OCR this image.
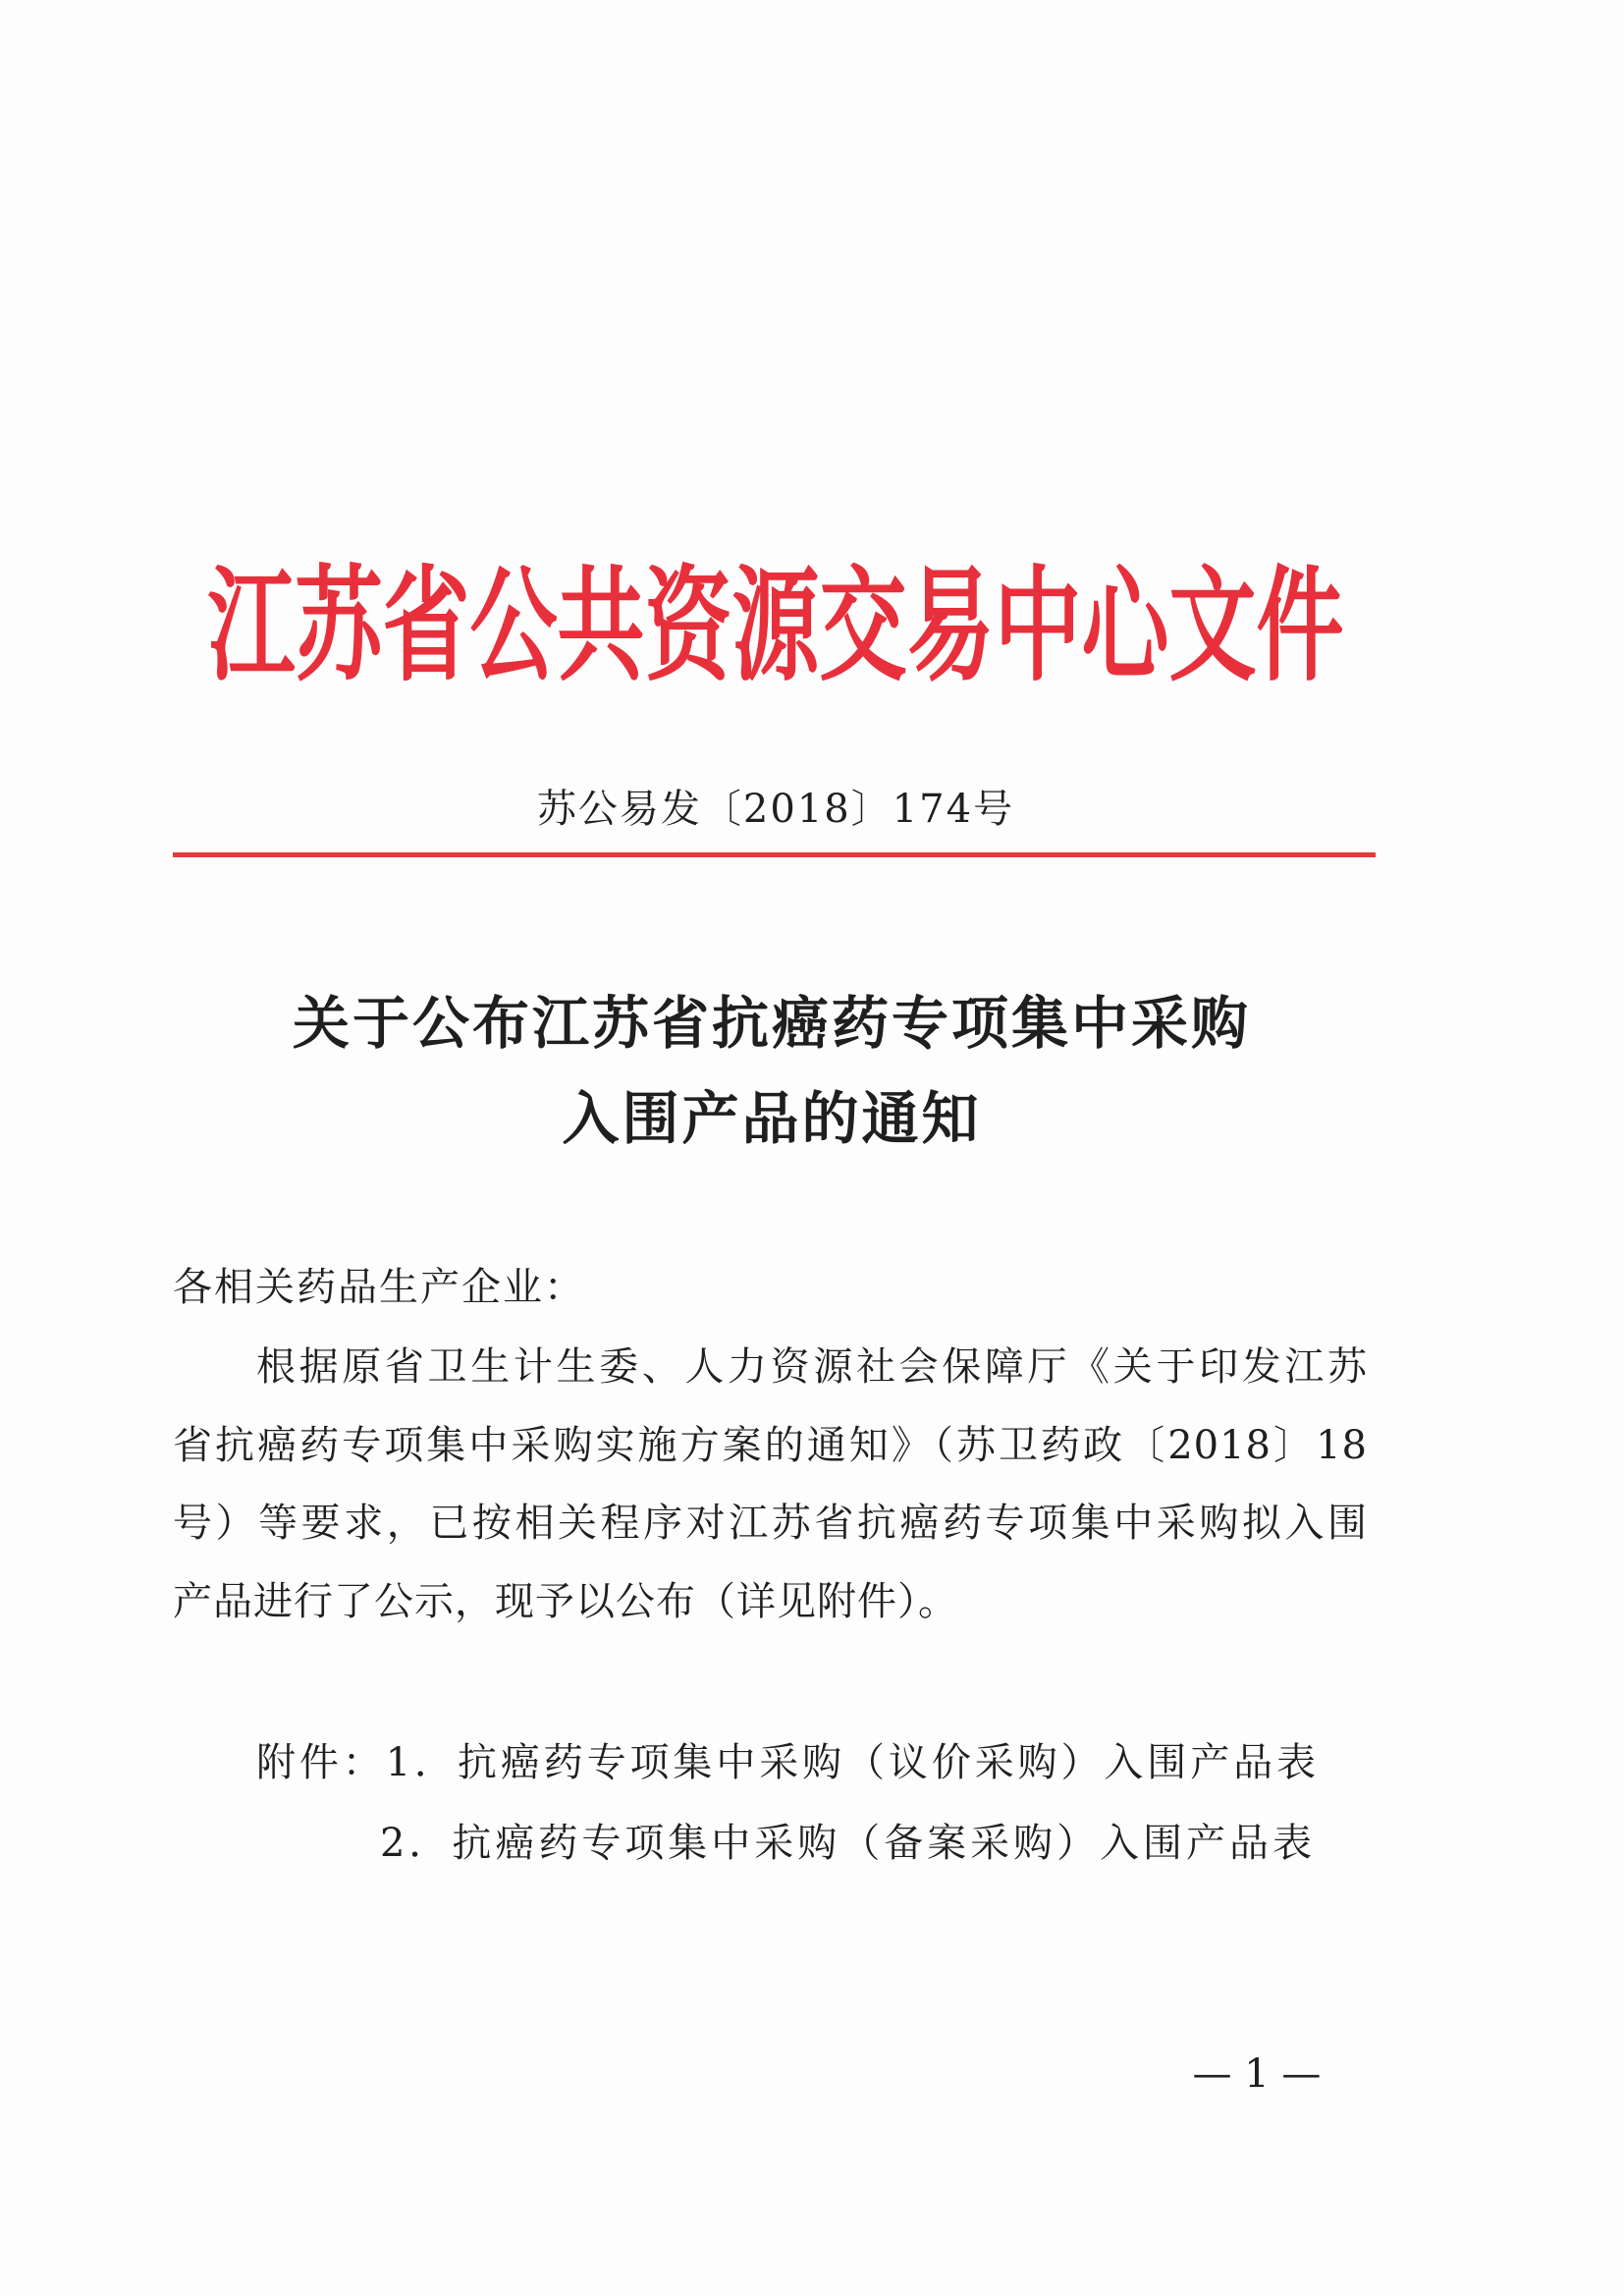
江苏省公共资源交易中心文件
苏公易发〔2018〕174号
关于公布江苏省抗癌药专项集中采购
入围产品的通知
各相关药品生产企业：
根据原省卫生计生委、人力资源社会保障厅《关于印发江苏
省抗癌药专项集中采购实施方案的通知》（苏卫药政〔2018〕18
号）等要求，已按相关程序对江苏省抗癌药专项集中采购拟入围
产品进行了公示，现予以公布（详见附件）。
附件：1．抗癌药专项集中采购（议价采购）入围产品表
2．抗癌药专项集中采购（备案采购）入围产品表
— 1 —
